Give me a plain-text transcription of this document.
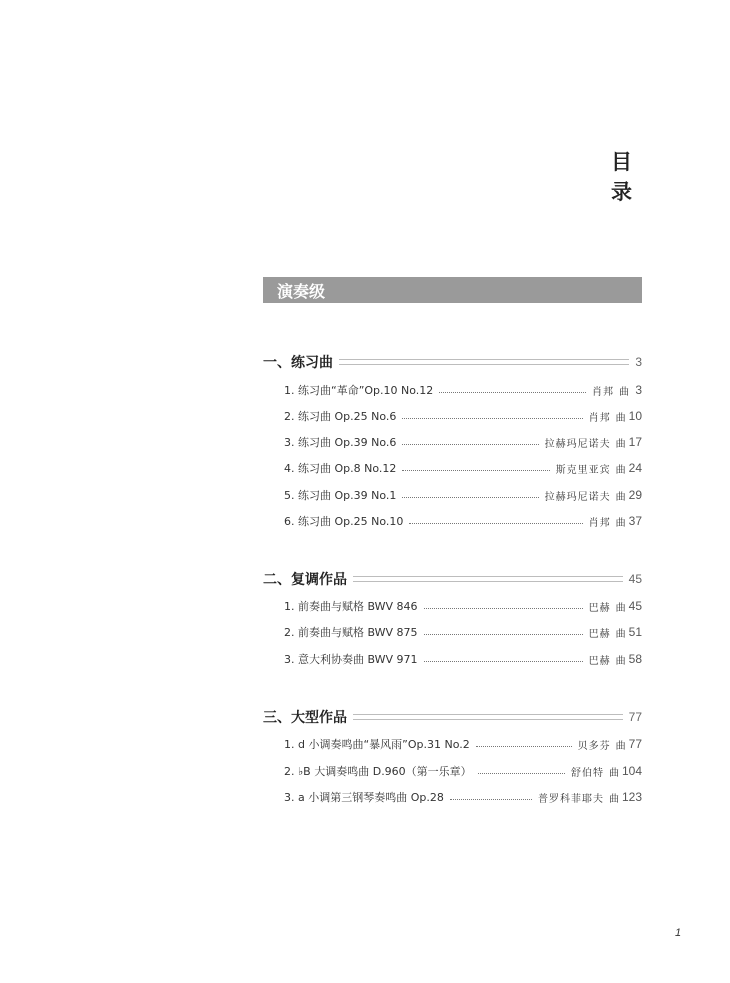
目 录
演奏级
一、练习曲	3
1. 练习曲“革命”Op.10 No.12	肖邦 曲 3
2. 练习曲 Op.25 No.6	肖邦 曲 10
3. 练习曲 Op.39 No.6	拉赫玛尼诺夫 曲 17
4. 练习曲 Op.8 No.12	斯克里亚宾 曲 24
5. 练习曲 Op.39 No.1	拉赫玛尼诺夫 曲 29
6. 练习曲 Op.25 No.10	肖邦 曲 37
二、复调作品	45
1. 前奏曲与赋格 BWV 846	巴赫 曲 45
2. 前奏曲与赋格 BWV 875	巴赫 曲 51
3. 意大利协奏曲 BWV 971	巴赫 曲 58
三、大型作品	77
1. d 小调奏鸣曲“暴风雨”Op.31 No.2	贝多芬 曲 77
2. ♭B 大调奏鸣曲 D.960（第一乐章）	舒伯特 曲 104
3. a 小调第三钢琴奏鸣曲 Op.28	普罗科菲耶夫 曲 123
1
